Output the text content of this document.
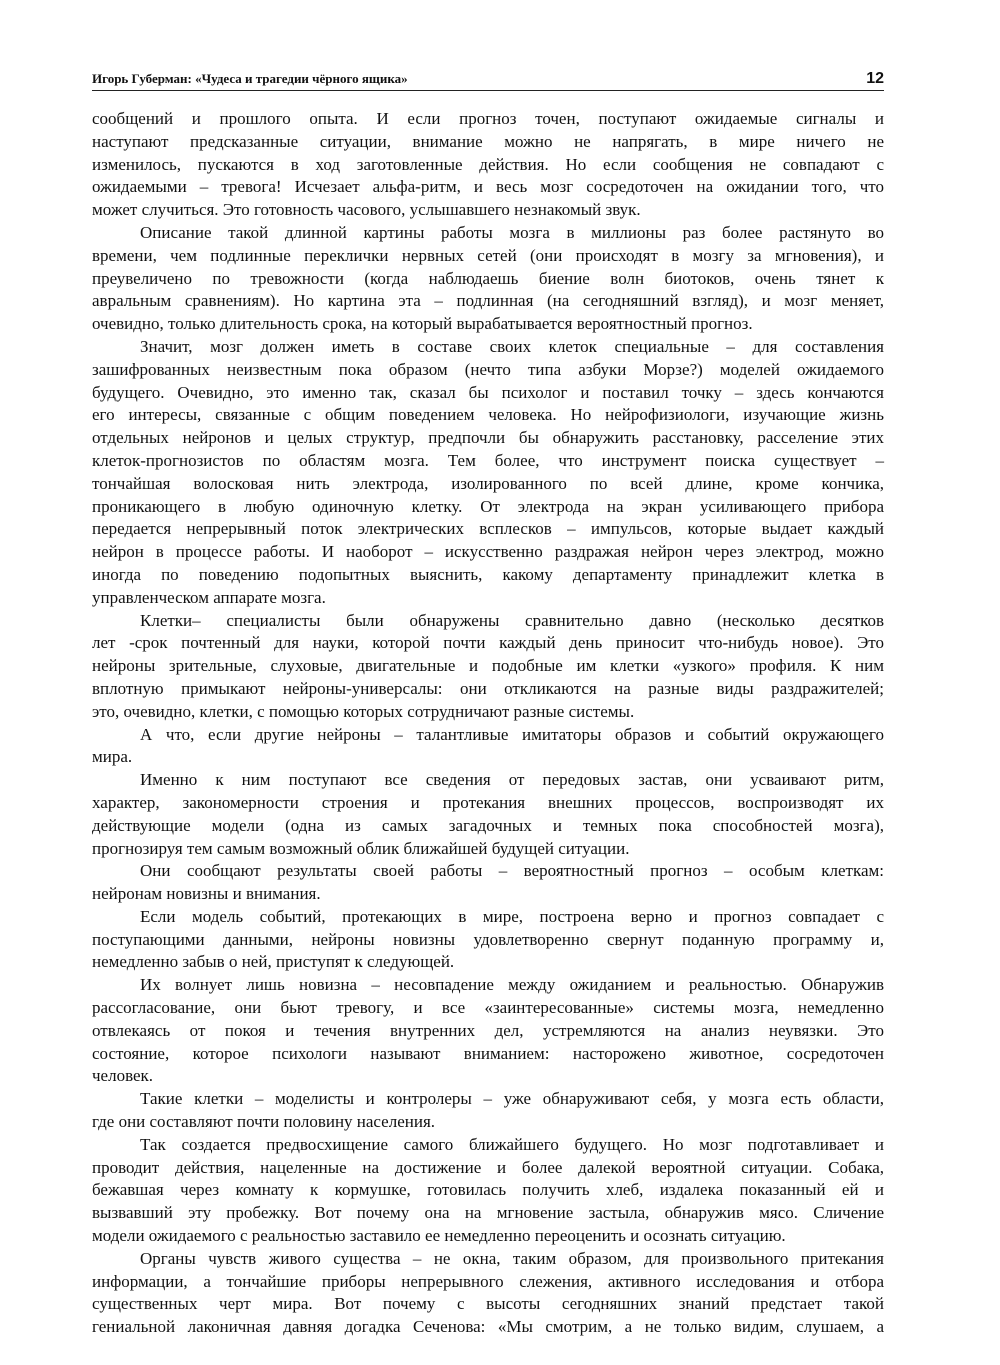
Игорь Губерман: «Чудеса и трагедии чёрного ящика»	12
сообщений и прошлого опыта. И если прогноз точен, поступают ожидаемые сигналы и
наступают предсказанные ситуации, внимание можно не напрягать, в мире ничего не
изменилось, пускаются в ход заготовленные действия. Но если сообщения не совпадают с
ожидаемыми – тревога! Исчезает альфа-ритм, и весь мозг сосредоточен на ожидании того, что
может случиться. Это готовность часового, услышавшего незнакомый звук.
Описание такой длинной картины работы мозга в миллионы раз более растянуто во
времени, чем подлинные переклички нервных сетей (они происходят в мозгу за мгновения), и
преувеличено по тревожности (когда наблюдаешь биение волн биотоков, очень тянет к
авральным сравнениям). Но картина эта – подлинная (на сегодняшний взгляд), и мозг меняет,
очевидно, только длительность срока, на который вырабатывается вероятностный прогноз.
Значит, мозг должен иметь в составе своих клеток специальные – для составления
зашифрованных неизвестным пока образом (нечто типа азбуки Морзе?) моделей ожидаемого
будущего. Очевидно, это именно так, сказал бы психолог и поставил точку – здесь кончаются
его интересы, связанные с общим поведением человека. Но нейрофизиологи, изучающие жизнь
отдельных нейронов и целых структур, предпочли бы обнаружить расстановку, расселение этих
клеток-прогнозистов по областям мозга. Тем более, что инструмент поиска существует –
тончайшая волосковая нить электрода, изолированного по всей длине, кроме кончика,
проникающего в любую одиночную клетку. От электрода на экран усиливающего прибора
передается непрерывный поток электрических всплесков – импульсов, которые выдает каждый
нейрон в процессе работы. И наоборот – искусственно раздражая нейрон через электрод, можно
иногда по поведению подопытных выяснить, какому департаменту принадлежит клетка в
управленческом аппарате мозга.
Клетки– специалисты были обнаружены сравнительно давно (несколько десятков
лет -срок почтенный для науки, которой почти каждый день приносит что-нибудь новое). Это
нейроны зрительные, слуховые, двигательные и подобные им клетки «узкого» профиля. К ним
вплотную примыкают нейроны-универсалы: они откликаются на разные виды раздражителей;
это, очевидно, клетки, с помощью которых сотрудничают разные системы.
А что, если другие нейроны – талантливые имитаторы образов и событий окружающего
мира.
Именно к ним поступают все сведения от передовых застав, они усваивают ритм,
характер, закономерности строения и протекания внешних процессов, воспроизводят их
действующие модели (одна из самых загадочных и темных пока способностей мозга),
прогнозируя тем самым возможный облик ближайшей будущей ситуации.
Они сообщают результаты своей работы – вероятностный прогноз – особым клеткам:
нейронам новизны и внимания.
Если модель событий, протекающих в мире, построена верно и прогноз совпадает с
поступающими данными, нейроны новизны удовлетворенно свернут поданную программу и,
немедленно забыв о ней, приступят к следующей.
Их волнует лишь новизна – несовпадение между ожиданием и реальностью. Обнаружив
рассогласование, они бьют тревогу, и все «заинтересованные» системы мозга, немедленно
отвлекаясь от покоя и течения внутренних дел, устремляются на анализ неувязки. Это
состояние, которое психологи называют вниманием: насторожено животное, сосредоточен
человек.
Такие клетки – моделисты и контролеры – уже обнаруживают себя, у мозга есть области,
где они составляют почти половину населения.
Так создается предвосхищение самого ближайшего будущего. Но мозг подготавливает и
проводит действия, нацеленные на достижение и более далекой вероятной ситуации. Собака,
бежавшая через комнату к кормушке, готовилась получить хлеб, издалека показанный ей и
вызвавший эту пробежку. Вот почему она на мгновение застыла, обнаружив мясо. Сличение
модели ожидаемого с реальностью заставило ее немедленно переоценить и осознать ситуацию.
Органы чувств живого существа – не окна, таким образом, для произвольного притекания
информации, а тончайшие приборы непрерывного слежения, активного исследования и отбора
существенных черт мира. Вот почему с высоты сегодняшних знаний предстает такой
гениальной лаконичная давняя догадка Сеченова: «Мы смотрим, а не только видим, слушаем, а
